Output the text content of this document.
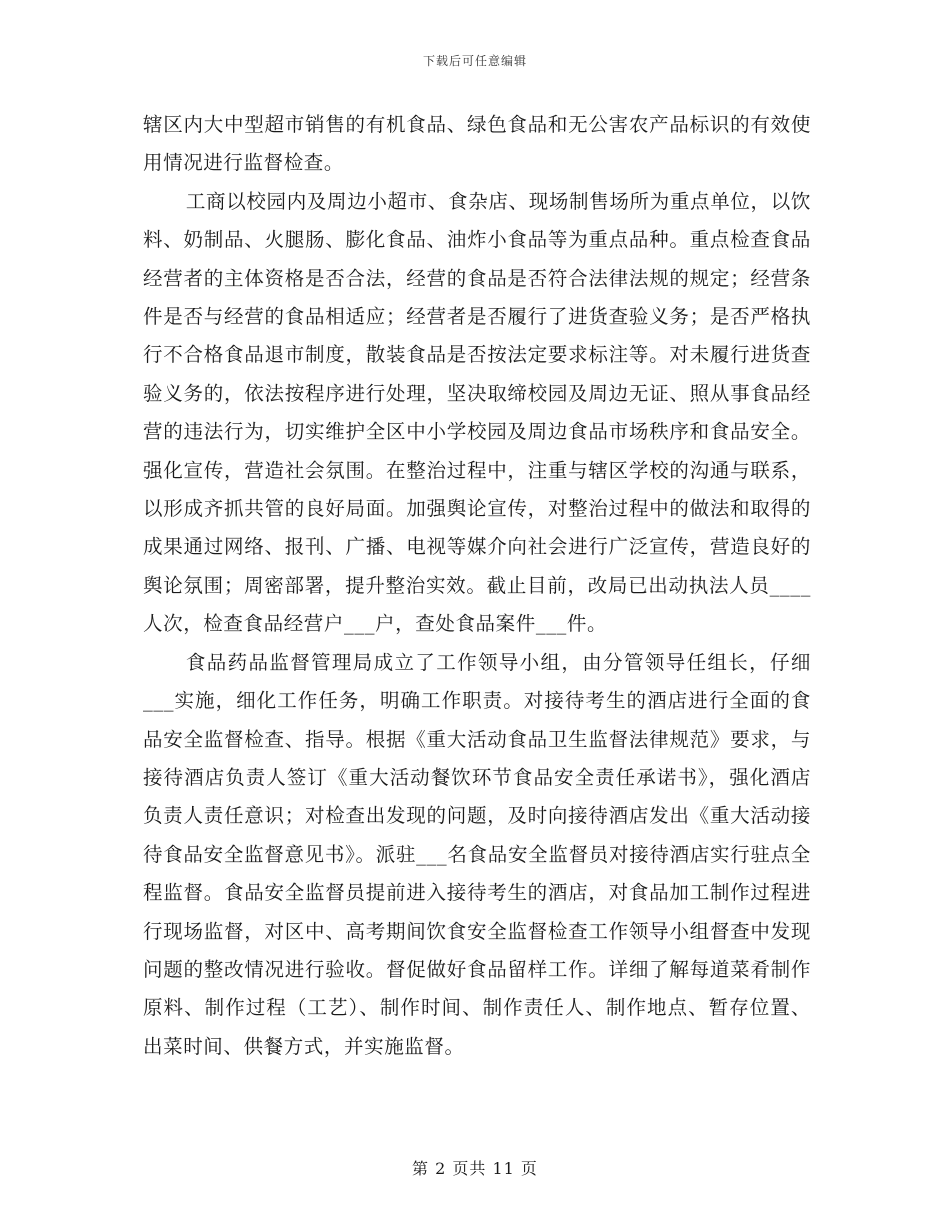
下载后可任意编辑

辖区内大中型超市销售的有机食品、绿色食品和无公害农产品标识的有效使用情况进行监督检查。

工商以校园内及周边小超市、食杂店、现场制售场所为重点单位，以饮料、奶制品、火腿肠、膨化食品、油炸小食品等为重点品种。重点检查食品经营者的主体资格是否合法，经营的食品是否符合法律法规的规定；经营条件是否与经营的食品相适应；经营者是否履行了进货查验义务；是否严格执行不合格食品退市制度，散装食品是否按法定要求标注等。对未履行进货查验义务的，依法按程序进行处理，坚决取缔校园及周边无证、照从事食品经营的违法行为，切实维护全区中小学校园及周边食品市场秩序和食品安全。强化宣传，营造社会氛围。在整治过程中，注重与辖区学校的沟通与联系，以形成齐抓共管的良好局面。加强舆论宣传，对整治过程中的做法和取得的成果通过网络、报刊、广播、电视等媒介向社会进行广泛宣传，营造良好的舆论氛围；周密部署，提升整治实效。截止目前，改局已出动执法人员____人次，检查食品经营户___户，查处食品案件___件。

食品药品监督管理局成立了工作领导小组，由分管领导任组长，仔细___实施，细化工作任务，明确工作职责。对接待考生的酒店进行全面的食品安全监督检查、指导。根据《重大活动食品卫生监督法律规范》要求，与接待酒店负责人签订《重大活动餐饮环节食品安全责任承诺书》，强化酒店负责人责任意识；对检查出发现的问题，及时向接待酒店发出《重大活动接待食品安全监督意见书》。派驻___名食品安全监督员对接待酒店实行驻点全程监督。食品安全监督员提前进入接待考生的酒店，对食品加工制作过程进行现场监督，对区中、高考期间饮食安全监督检查工作领导小组督查中发现问题的整改情况进行验收。督促做好食品留样工作。详细了解每道菜肴制作原料、制作过程（工艺）、制作时间、制作责任人、制作地点、暂存位置、出菜时间、供餐方式，并实施监督。

第 2 页共 11 页
